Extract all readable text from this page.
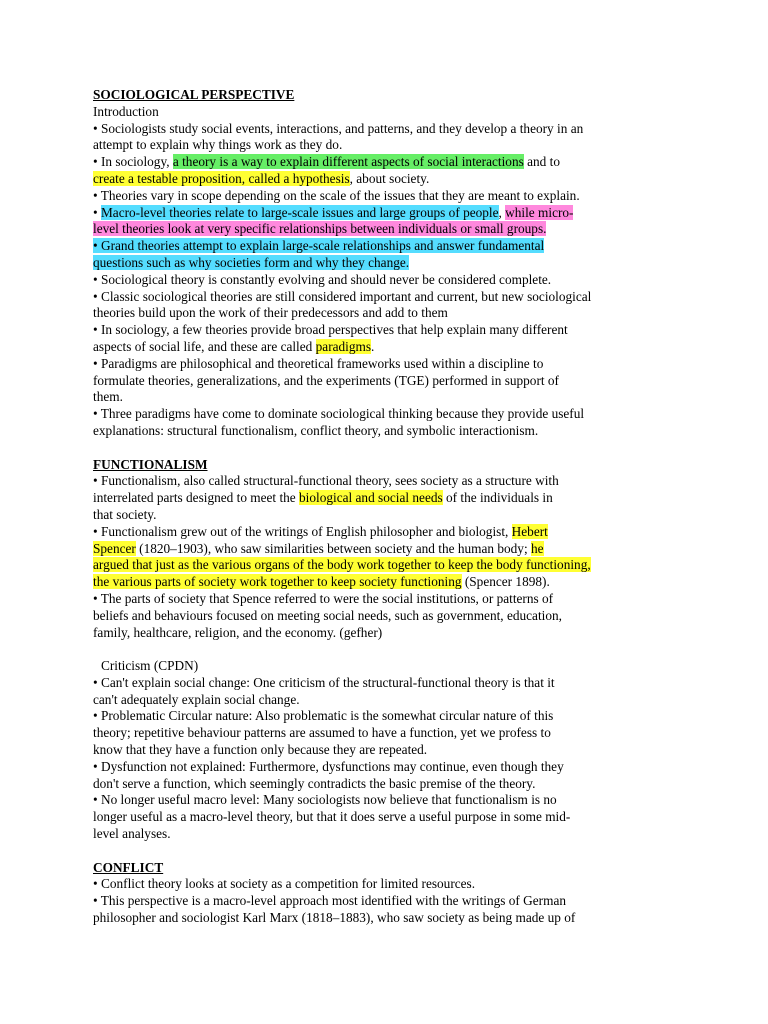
SOCIOLOGICAL PERSPECTIVE
Introduction
• Sociologists study social events, interactions, and patterns, and they develop a theory in an
attempt to explain why things work as they do.
• In sociology, a theory is a way to explain different aspects of social interactions and to
create a testable proposition, called a hypothesis, about society.
• Theories vary in scope depending on the scale of the issues that they are meant to explain.
• Macro-level theories relate to large-scale issues and large groups of people, while micro-
level theories look at very specific relationships between individuals or small groups.
• Grand theories attempt to explain large-scale relationships and answer fundamental
questions such as why societies form and why they change.
• Sociological theory is constantly evolving and should never be considered complete.
• Classic sociological theories are still considered important and current, but new sociological
theories build upon the work of their predecessors and add to them
• In sociology, a few theories provide broad perspectives that help explain many different
aspects of social life, and these are called paradigms.
• Paradigms are philosophical and theoretical frameworks used within a discipline to
formulate theories, generalizations, and the experiments (TGE) performed in support of
them.
• Three paradigms have come to dominate sociological thinking because they provide useful
explanations: structural functionalism, conflict theory, and symbolic interactionism.
FUNCTIONALISM
• Functionalism, also called structural-functional theory, sees society as a structure with
interrelated parts designed to meet the biological and social needs of the individuals in
that society.
• Functionalism grew out of the writings of English philosopher and biologist, Hebert
Spencer (1820–1903), who saw similarities between society and the human body; he
argued that just as the various organs of the body work together to keep the body functioning,
the various parts of society work together to keep society functioning (Spencer 1898).
• The parts of society that Spence referred to were the social institutions, or patterns of
beliefs and behaviours focused on meeting social needs, such as government, education,
family, healthcare, religion, and the economy. (gefher)
Criticism (CPDN)
• Can't explain social change: One criticism of the structural-functional theory is that it
can't adequately explain social change.
• Problematic Circular nature: Also problematic is the somewhat circular nature of this
theory; repetitive behaviour patterns are assumed to have a function, yet we profess to
know that they have a function only because they are repeated.
• Dysfunction not explained: Furthermore, dysfunctions may continue, even though they
don't serve a function, which seemingly contradicts the basic premise of the theory.
• No longer useful macro level: Many sociologists now believe that functionalism is no
longer useful as a macro-level theory, but that it does serve a useful purpose in some mid-
level analyses.
CONFLICT
• Conflict theory looks at society as a competition for limited resources.
• This perspective is a macro-level approach most identified with the writings of German
philosopher and sociologist Karl Marx (1818–1883), who saw society as being made up of
